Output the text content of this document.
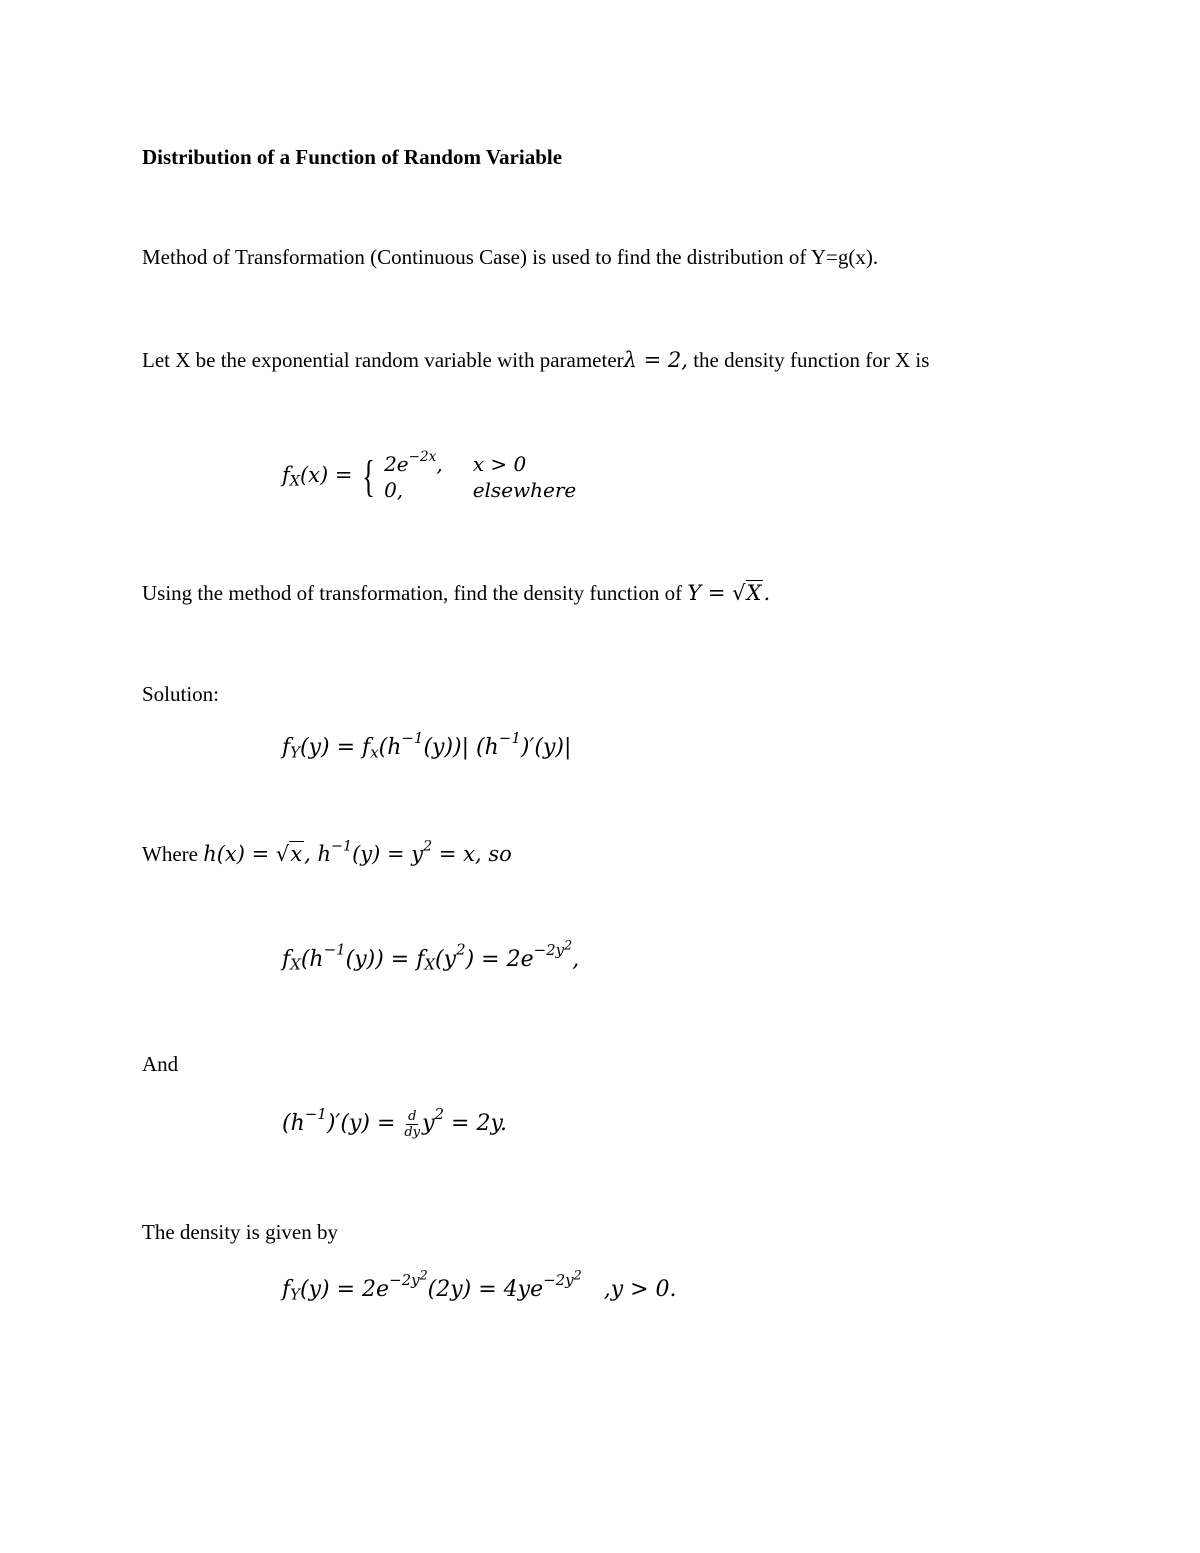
Distribution of a Function of Random Variable
Method of Transformation (Continuous Case) is used to find the distribution of Y=g(x).
Let X be the exponential random variable with parameterλ = 2, the density function for X is
$f_X(x)$ = { $2e^{-2x}$, x > 0
0,	elsewhere
Using the method of transformation, find the density function of Y = √X.
Solution:
$f_Y(y) = f_x(h^{-1}(y))|$ $(h^{-1})'(y)|$
Where h(x) = √x, $h^{-1}(y) = y^2 = x$, so
$f_X(h^{-1}(y)) = f_X(y^2) = 2e^{-2y^2}$,
And
$(h^{-1})'(y) = \frac{d}{dy} y^2 = 2y$.
The density is given by
$f_Y(y) = 2e^{-2y^2}(2y) = 4ye^{-2y^2},y > 0$.
